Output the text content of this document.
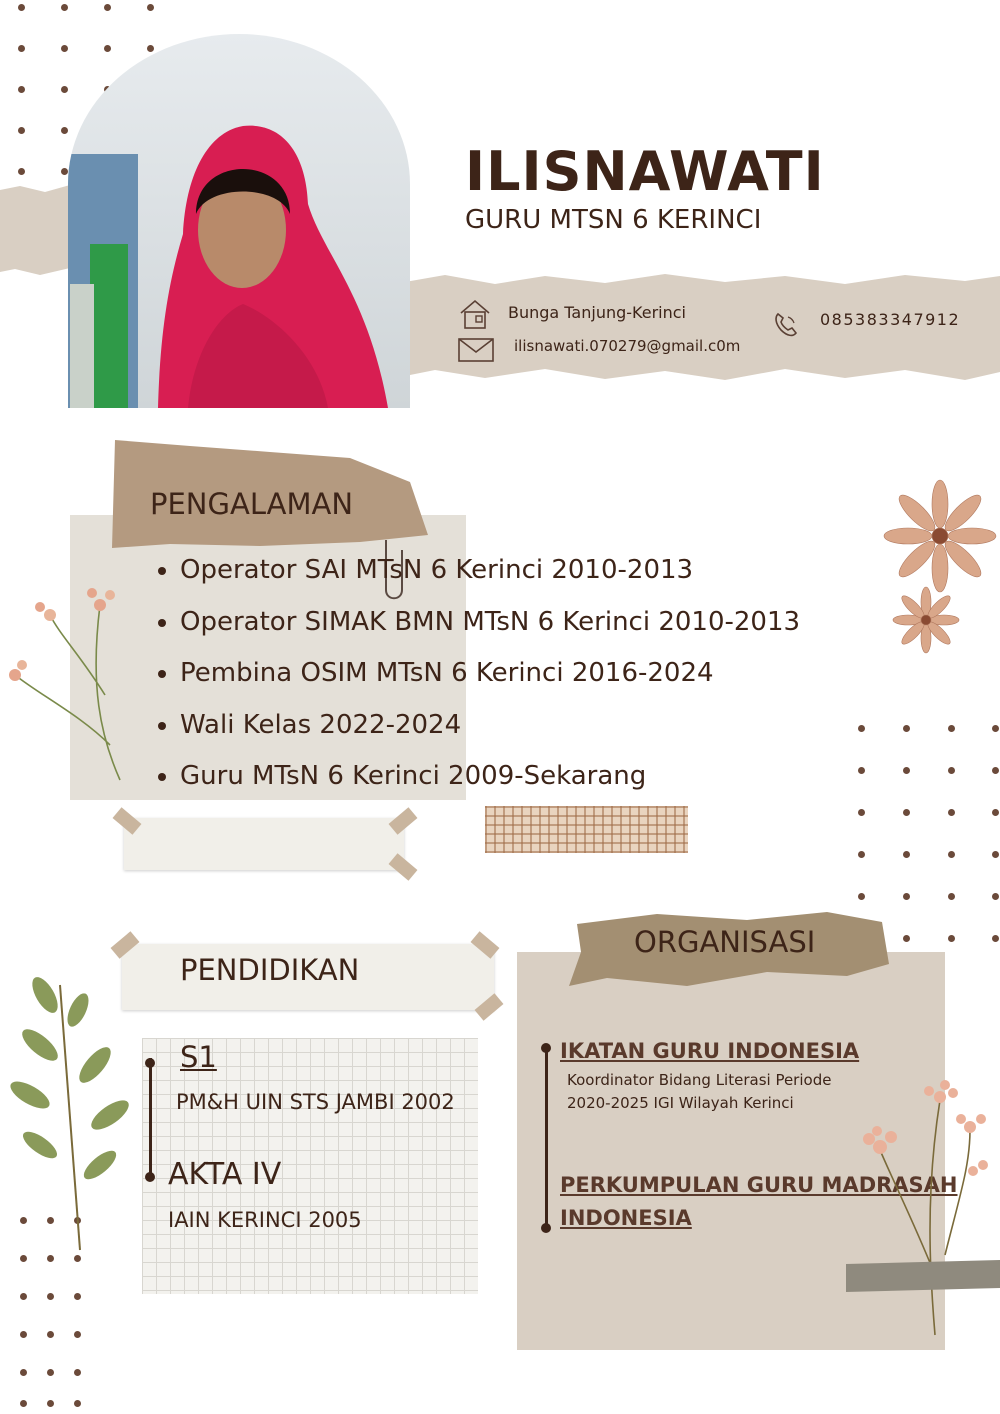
ILISNAWATI
GURU MTSN 6 KERINCI
Bunga Tanjung-Kerinci
ilisnawati.070279@gmail.c0m
085383347912
PENGALAMAN
• Operator SAI MTsN 6 Kerinci 2010-2013
• Operator SIMAK BMN MTsN 6 Kerinci 2010-2013
• Pembina OSIM MTsN 6 Kerinci 2016-2024
• Wali Kelas 2022-2024
• Guru MTsN 6 Kerinci 2009-Sekarang
PENDIDIKAN
S1
PM&H UIN STS JAMBI 2002
AKTA IV
IAIN KERINCI 2005
ORGANISASI
IKATAN GURU INDONESIA
Koordinator Bidang Literasi Periode
2020-2025 IGI Wilayah Kerinci
PERKUMPULAN GURU MADRASAH
INDONESIA
